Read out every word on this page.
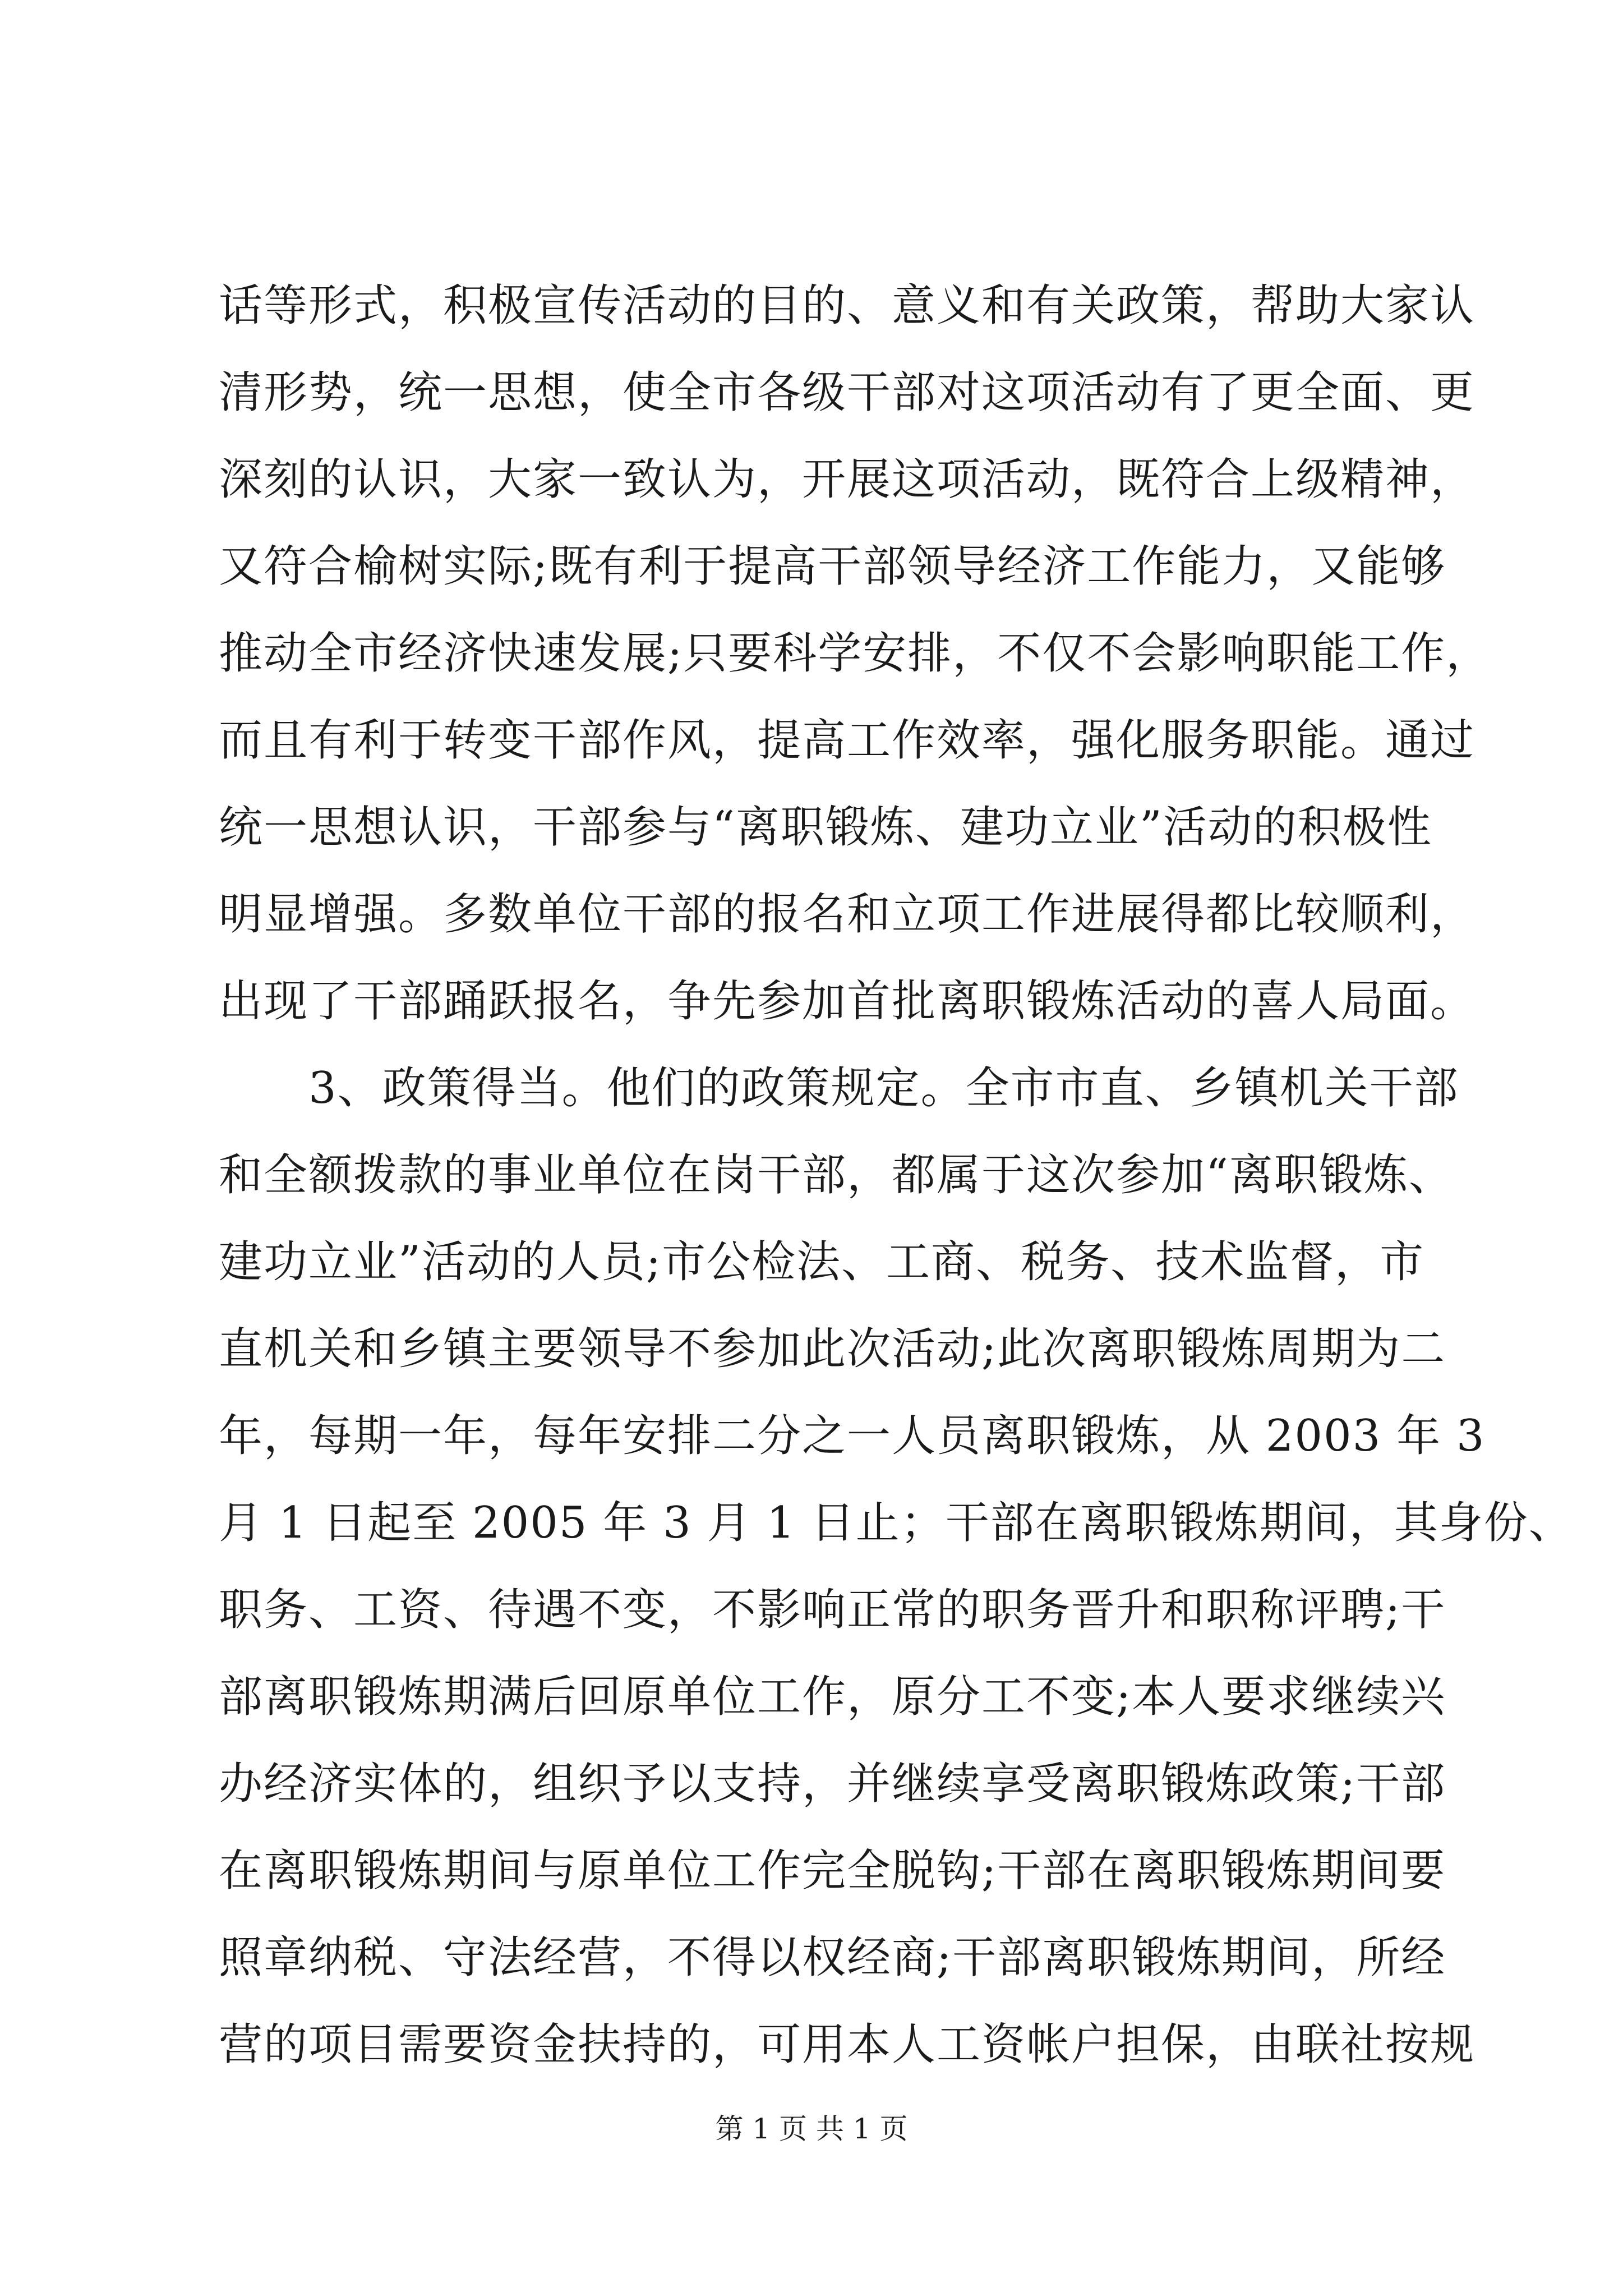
话等形式，积极宣传活动的目的、意义和有关政策，帮助大家认
清形势，统一思想，使全市各级干部对这项活动有了更全面、更
深刻的认识，大家一致认为，开展这项活动，既符合上级精神，
又符合榆树实际;既有利于提高干部领导经济工作能力，又能够
推动全市经济快速发展;只要科学安排，不仅不会影响职能工作，
而且有利于转变干部作风，提高工作效率，强化服务职能。通过
统一思想认识，干部参与“离职锻炼、建功立业”活动的积极性
明显增强。多数单位干部的报名和立项工作进展得都比较顺利，
出现了干部踊跃报名，争先参加首批离职锻炼活动的喜人局面。
　　3、政策得当。他们的政策规定。全市市直、乡镇机关干部
和全额拨款的事业单位在岗干部，都属于这次参加“离职锻炼、
建功立业”活动的人员;市公检法、工商、税务、技术监督，市
直机关和乡镇主要领导不参加此次活动;此次离职锻炼周期为二
年，每期一年，每年安排二分之一人员离职锻炼，从 2003 年 3
月 1 日起至 2005 年 3 月 1 日止；干部在离职锻炼期间，其身份、
职务、工资、待遇不变，不影响正常的职务晋升和职称评聘;干
部离职锻炼期满后回原单位工作，原分工不变;本人要求继续兴
办经济实体的，组织予以支持，并继续享受离职锻炼政策;干部
在离职锻炼期间与原单位工作完全脱钩;干部在离职锻炼期间要
照章纳税、守法经营，不得以权经商;干部离职锻炼期间，所经
营的项目需要资金扶持的，可用本人工资帐户担保，由联社按规
第 1 页 共 1 页
